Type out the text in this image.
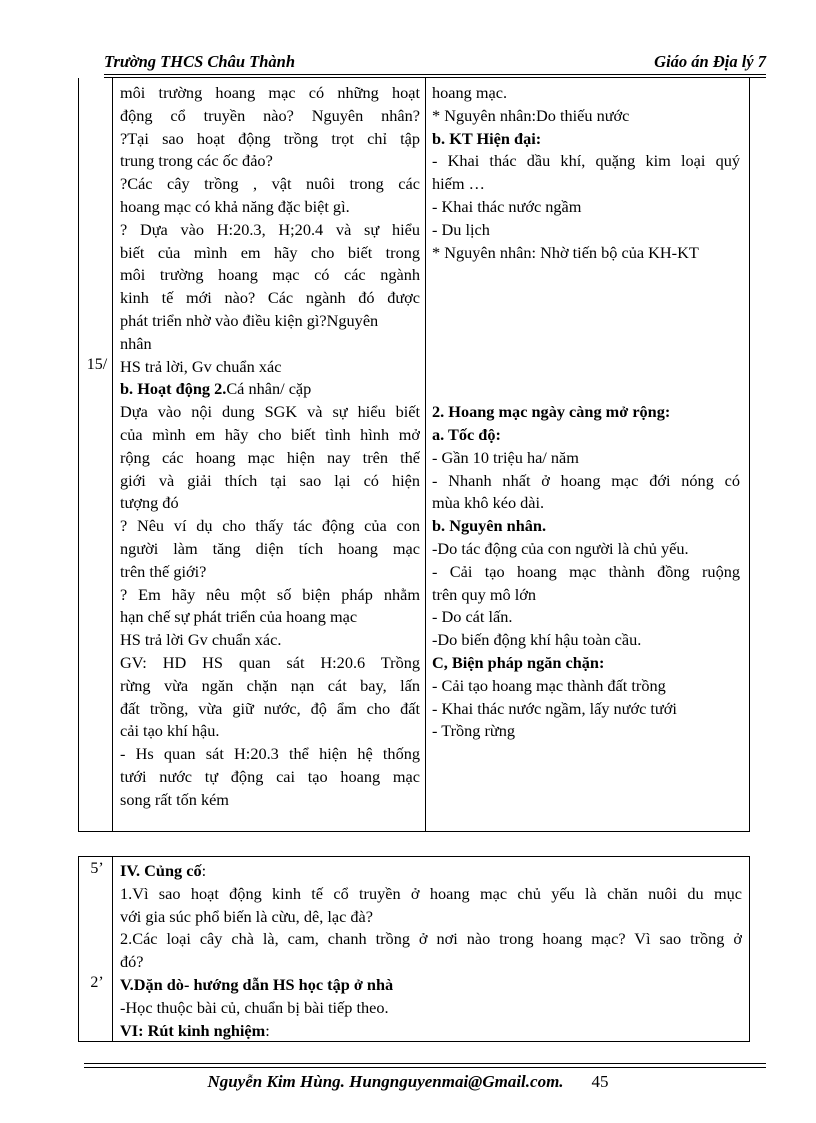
Trường THCS Châu Thành	Giáo án Địa lý 7
15/
môi trường hoang mạc có những hoạt
động cổ truyền nào? Nguyên nhân?
?Tại sao hoạt động trồng trọt chỉ tập
trung trong các ốc đảo?
?Các cây trồng , vật nuôi trong các
hoang mạc có khả năng đặc biệt gì.
? Dựa vào H:20.3, H;20.4 và sự hiểu
biết của mình em hãy cho biết trong
môi trường hoang mạc có các ngành
kinh tế mới nào? Các ngành đó được
phát triển nhờ vào điều kiện gì?Nguyên
nhân
HS trả lời, Gv chuẩn xác
b. Hoạt động 2.Cá nhân/ cặp
Dựa vào nội dung SGK và sự hiểu biết
của mình em hãy cho biết tình hình mở
rộng các hoang mạc hiện nay trên thế
giới và giải thích tại sao lại có hiện
tượng đó
? Nêu ví dụ cho thấy tác động của con
người làm tăng diện tích hoang mạc
trên thế giới?
? Em hãy nêu một số biện pháp nhằm
hạn chế sự phát triển của hoang mạc
HS trả lời Gv chuẩn xác.
GV: HD HS quan sát H:20.6 Trồng
rừng vừa ngăn chặn nạn cát bay, lấn
đất trồng, vừa giữ nước, độ ẩm cho đất
cải tạo khí hậu.
- Hs quan sát H:20.3 thể hiện hệ thống
tưới nước tự động cai tạo hoang mạc
song rất tốn kém
hoang mạc.
* Nguyên nhân:Do thiếu nước
b. KT Hiện đại:
- Khai thác dầu khí, quặng kim loại quý
hiếm …
- Khai thác nước ngầm
- Du lịch
* Nguyên nhân: Nhờ tiến bộ của KH-KT
2. Hoang mạc ngày càng mở rộng:
a. Tốc độ:
- Gần 10 triệu ha/ năm
- Nhanh nhất ở hoang mạc đới nóng có
mùa khô kéo dài.
b. Nguyên nhân.
-Do tác động của con người là chủ yếu.
- Cải tạo hoang mạc thành đồng ruộng
trên quy mô lớn
- Do cát lấn.
-Do biến động khí hậu toàn cầu.
C, Biện pháp ngăn chặn:
- Cải tạo hoang mạc thành đất trồng
- Khai thác nước ngầm, lấy nước tưới
- Trồng rừng
5’
2’
IV. Củng cố:
1.Vì sao hoạt động kinh tế cổ truyền ở hoang mạc chủ yếu là chăn nuôi du mục
với gia súc phổ biến là cừu, dê, lạc đà?
2.Các loại cây chà là, cam, chanh trồng ở nơi nào trong hoang mạc? Vì sao trồng ở
đó?
V.Dặn dò- hướng dẫn HS học tập ở nhà
-Học thuộc bài củ, chuẩn bị bài tiếp theo.
VI: Rút kinh nghiệm:
Nguyễn Kim Hùng. Hungnguyenmai@Gmail.com. 45
